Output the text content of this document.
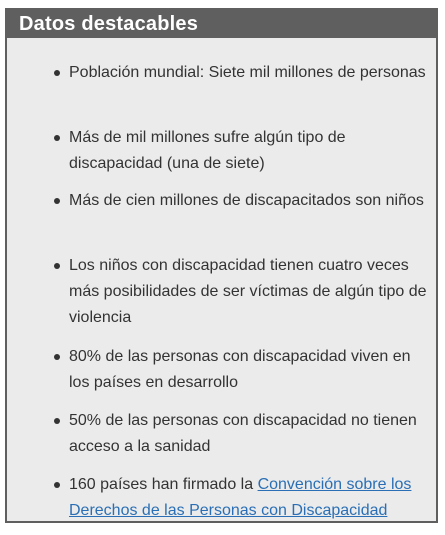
Datos destacables
Población mundial: Siete mil millones de personas
Más de mil millones sufre algún tipo de discapacidad (una de siete)
Más de cien millones de discapacitados son niños
Los niños con discapacidad tienen cuatro veces más posibilidades de ser víctimas de algún tipo de violencia
80% de las personas con discapacidad viven en los países en desarrollo
50% de las personas con discapacidad no tienen acceso a la sanidad
160 países han firmado la Convención sobre los Derechos de las Personas con Discapacidad
